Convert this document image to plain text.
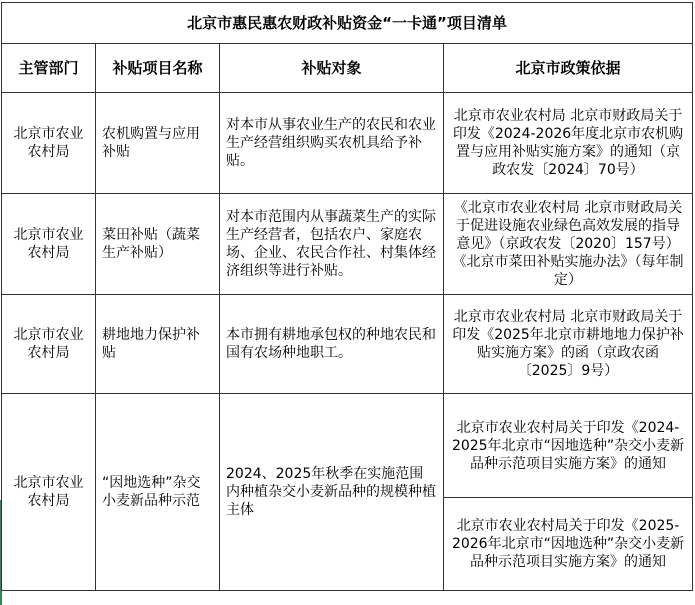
北京市惠民惠农财政补贴资金“一卡通”项目清单			
主管部门	补贴项目名称	补贴对象	北京市政策依据
北京市农业农村局	农机购置与应用补贴	对本市从事农业生产的农民和农业生产经营组织购买农机具给予补贴。	北京市农业农村局 北京市财政局关于印发《2024-2026年度北京市农机购置与应用补贴实施方案》的通知（京政农发〔2024〕70号）
北京市农业农村局	菜田补贴（蔬菜生产补贴）	对本市范围内从事蔬菜生产的实际生产经营者，包括农户、家庭农场、企业、农民合作社、村集体经济组织等进行补贴。	《北京市农业农村局 北京市财政局关于促进设施农业绿色高效发展的指导意见》（京政农发〔2020〕157号）《北京市菜田补贴实施办法》（每年制定）
北京市农业农村局	耕地地力保护补贴	本市拥有耕地承包权的种地农民和国有农场种地职工。	北京市农业农村局 北京市财政局关于印发《2025年北京市耕地地力保护补贴实施方案》的函（京政农函〔2025〕9号）
北京市农业农村局	“因地选种”杂交小麦新品种示范	2024、2025年秋季在实施范围内种植杂交小麦新品种的规模种植主体	北京市农业农村局关于印发《2024-2025年北京市“因地选种”杂交小麦新品种示范项目实施方案》的通知
			北京市农业农村局关于印发《2025-2026年北京市“因地选种”杂交小麦新品种示范项目实施方案》的通知
